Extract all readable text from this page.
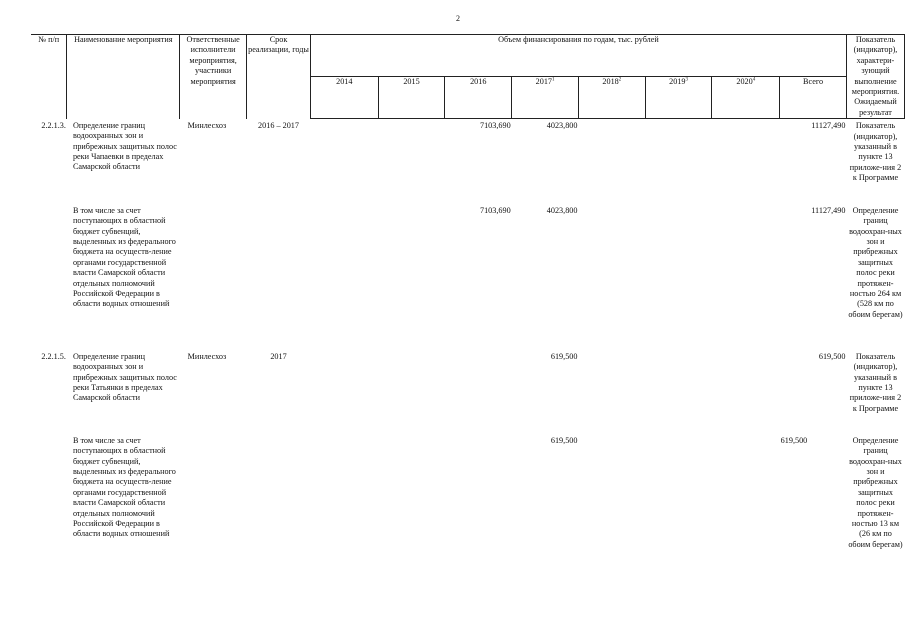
2
№ п/п	Наименование мероприятия	Ответственные исполнители мероприятия, участники мероприятия	Срок реализации, годы	Объем финансирования по годам, тыс. рублей								Показатель (индикатор), характери-зующий выполнение мероприятия. Ожидаемый результат
				2014	2015	2016	2017$^1$	2018$^2$	2019$^3$	2020$^4$	Всего	
2.2.1.3.	Определение границ водоохранных зон и прибрежных защитных полос реки Чапаевки в пределах Самарской области	Минлесхоз	2016 – 2017			7103,690	4023,800				11127,490	Показатель (индикатор), указанный в пункте 13 приложе-ния 2 к Программе
	В том числе за счет поступающих в областной бюджет субвенций, выделенных из федерального бюджета на осуществ-ление органами государственной власти Самарской области отдельных полномочий Российской Федерации в области водных отношений					7103,690	4023,800				11127,490	Определение границ водоохран-ных зон и прибрежных защитных полос реки протяжен-ностью 264 км (528 км по обоим берегам)
2.2.1.5.	Определение границ водоохранных зон и прибрежных защитных полос реки Татьянки в пределах Самарской области	Минлесхоз	2017				619,500				619,500	Показатель (индикатор), указанный в пункте 13 приложе-ния 2 к Программе
	В том числе за счет поступающих в областной бюджет субвенций, выделенных из федерального бюджета на осуществ-ление органами государственной власти Самарской области отдельных полномочий Российской Федерации в области водных отношений						619,500				619,500	Определение границ водоохран-ных зон и прибрежных защитных полос реки протяжен-ностью 13 км (26 км по обоим берегам)
